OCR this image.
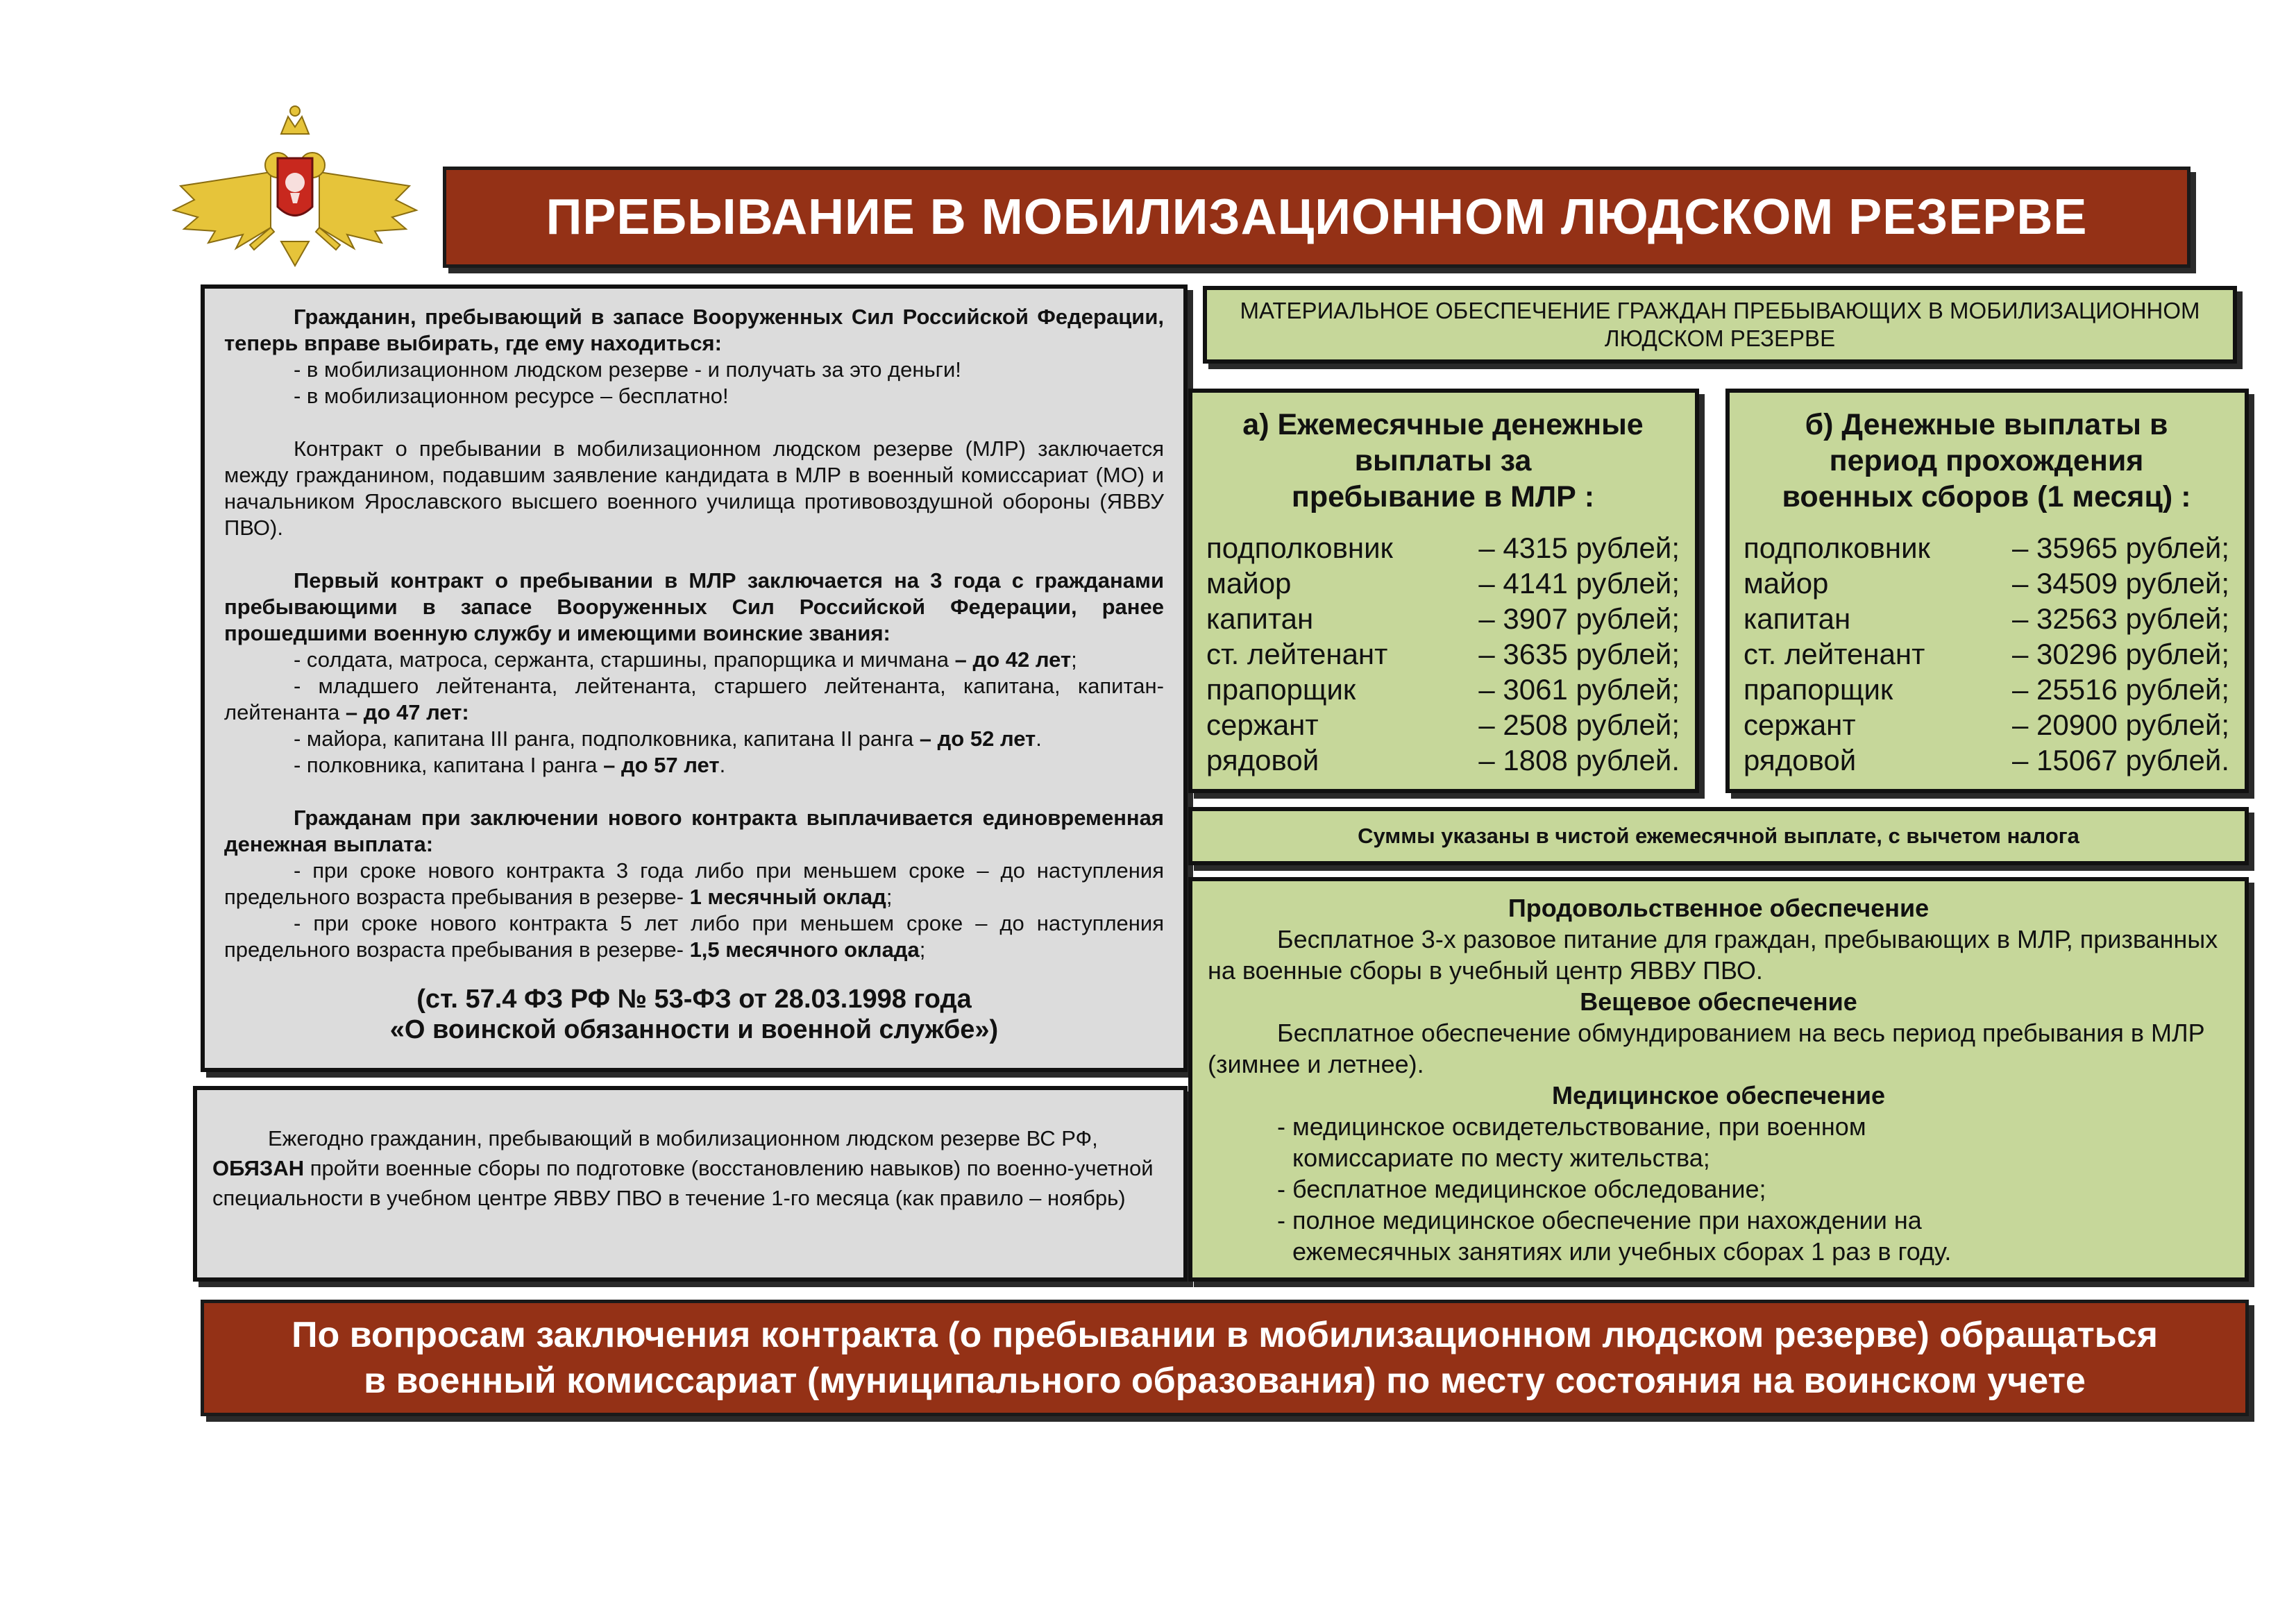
ПРЕБЫВАНИЕ В МОБИЛИЗАЦИОННОМ ЛЮДСКОМ РЕЗЕРВЕ

Гражданин, пребывающий в запасе Вооруженных Сил Российской Федерации, теперь вправе выбирать, где ему находиться:

- в мобилизационном людском резерве - и получать за это деньги!

- в мобилизационном ресурсе – бесплатно!

Контракт о пребывании в мобилизационном людском резерве (МЛР) заключается между гражданином, подавшим заявление кандидата в МЛР в военный комиссариат (МО) и начальником Ярославского высшего военного училища противовоздушной обороны (ЯВВУ ПВО).

Первый контракт о пребывании в МЛР заключается на 3 года с гражданами пребывающими в запасе Вооруженных Сил Российской Федерации, ранее прошедшими военную службу и имеющими воинские звания:

- солдата, матроса, сержанта, старшины, прапорщика и мичмана – до 42 лет;

- младшего лейтенанта, лейтенанта, старшего лейтенанта, капитана, капитан-лейтенанта – до 47 лет:

- майора, капитана III ранга, подполковника, капитана II ранга – до 52 лет.

- полковника, капитана I ранга – до 57 лет.

Гражданам при заключении нового контракта выплачивается единовременная денежная выплата:

- при сроке нового контракта 3 года либо при меньшем сроке – до наступления предельного возраста пребывания в резерве- 1 месячный оклад;

- при сроке нового контракта 5 лет либо при меньшем сроке – до наступления предельного возраста пребывания в резерве- 1,5 месячного оклада;

(ст. 57.4 ФЗ РФ № 53-ФЗ от 28.03.1998 года

«О воинской обязанности и военной службе»)

Ежегодно гражданин, пребывающий в мобилизационном людском резерве ВС РФ, ОБЯЗАН пройти военные сборы по подготовке (восстановлению навыков) по военно-учетной специальности в учебном центре ЯВВУ ПВО в течение 1-го месяца (как правило – ноябрь)

МАТЕРИАЛЬНОЕ ОБЕСПЕЧЕНИЕ ГРАЖДАН ПРЕБЫВАЮЩИХ В МОБИЛИЗАЦИОННОМ ЛЮДСКОМ РЕЗЕРВЕ
а) Ежемесячные денежные
выплаты за
пребывание в МЛР :
подполковник	– 4315 рублей;
майор	– 4141 рублей;
капитан	– 3907 рублей;
ст. лейтенант	– 3635 рублей;
прапорщик	– 3061 рублей;
сержант	– 2508 рублей;
рядовой	– 1808 рублей.
б) Денежные выплаты в
период прохождения
военных сборов (1 месяц) :
подполковник	– 35965 рублей;
майор	– 34509 рублей;
капитан	– 32563 рублей;
ст. лейтенант	– 30296 рублей;
прапорщик	– 25516 рублей;
сержант	– 20900 рублей;
рядовой	– 15067 рублей.
Суммы указаны в чистой ежемесячной выплате, с вычетом налога
Продовольственное обеспечение
Бесплатное 3-х разовое питание для граждан, пребывающих в МЛР, призванных на военные сборы в учебный центр ЯВВУ ПВО.
Вещевое обеспечение
Бесплатное обеспечение обмундированием на весь период пребывания в МЛР (зимнее и летнее).
Медицинское обеспечение
- медицинское освидетельствование, при военном
комиссариате по месту жительства;
- бесплатное медицинское обследование;
- полное медицинское обеспечение при нахождении на
ежемесячных занятиях или учебных сборах 1 раз в году.
По вопросам заключения контракта (о пребывании в мобилизационном людском резерве) обращаться
в военный комиссариат (муниципального образования) по месту состояния на воинском учете
